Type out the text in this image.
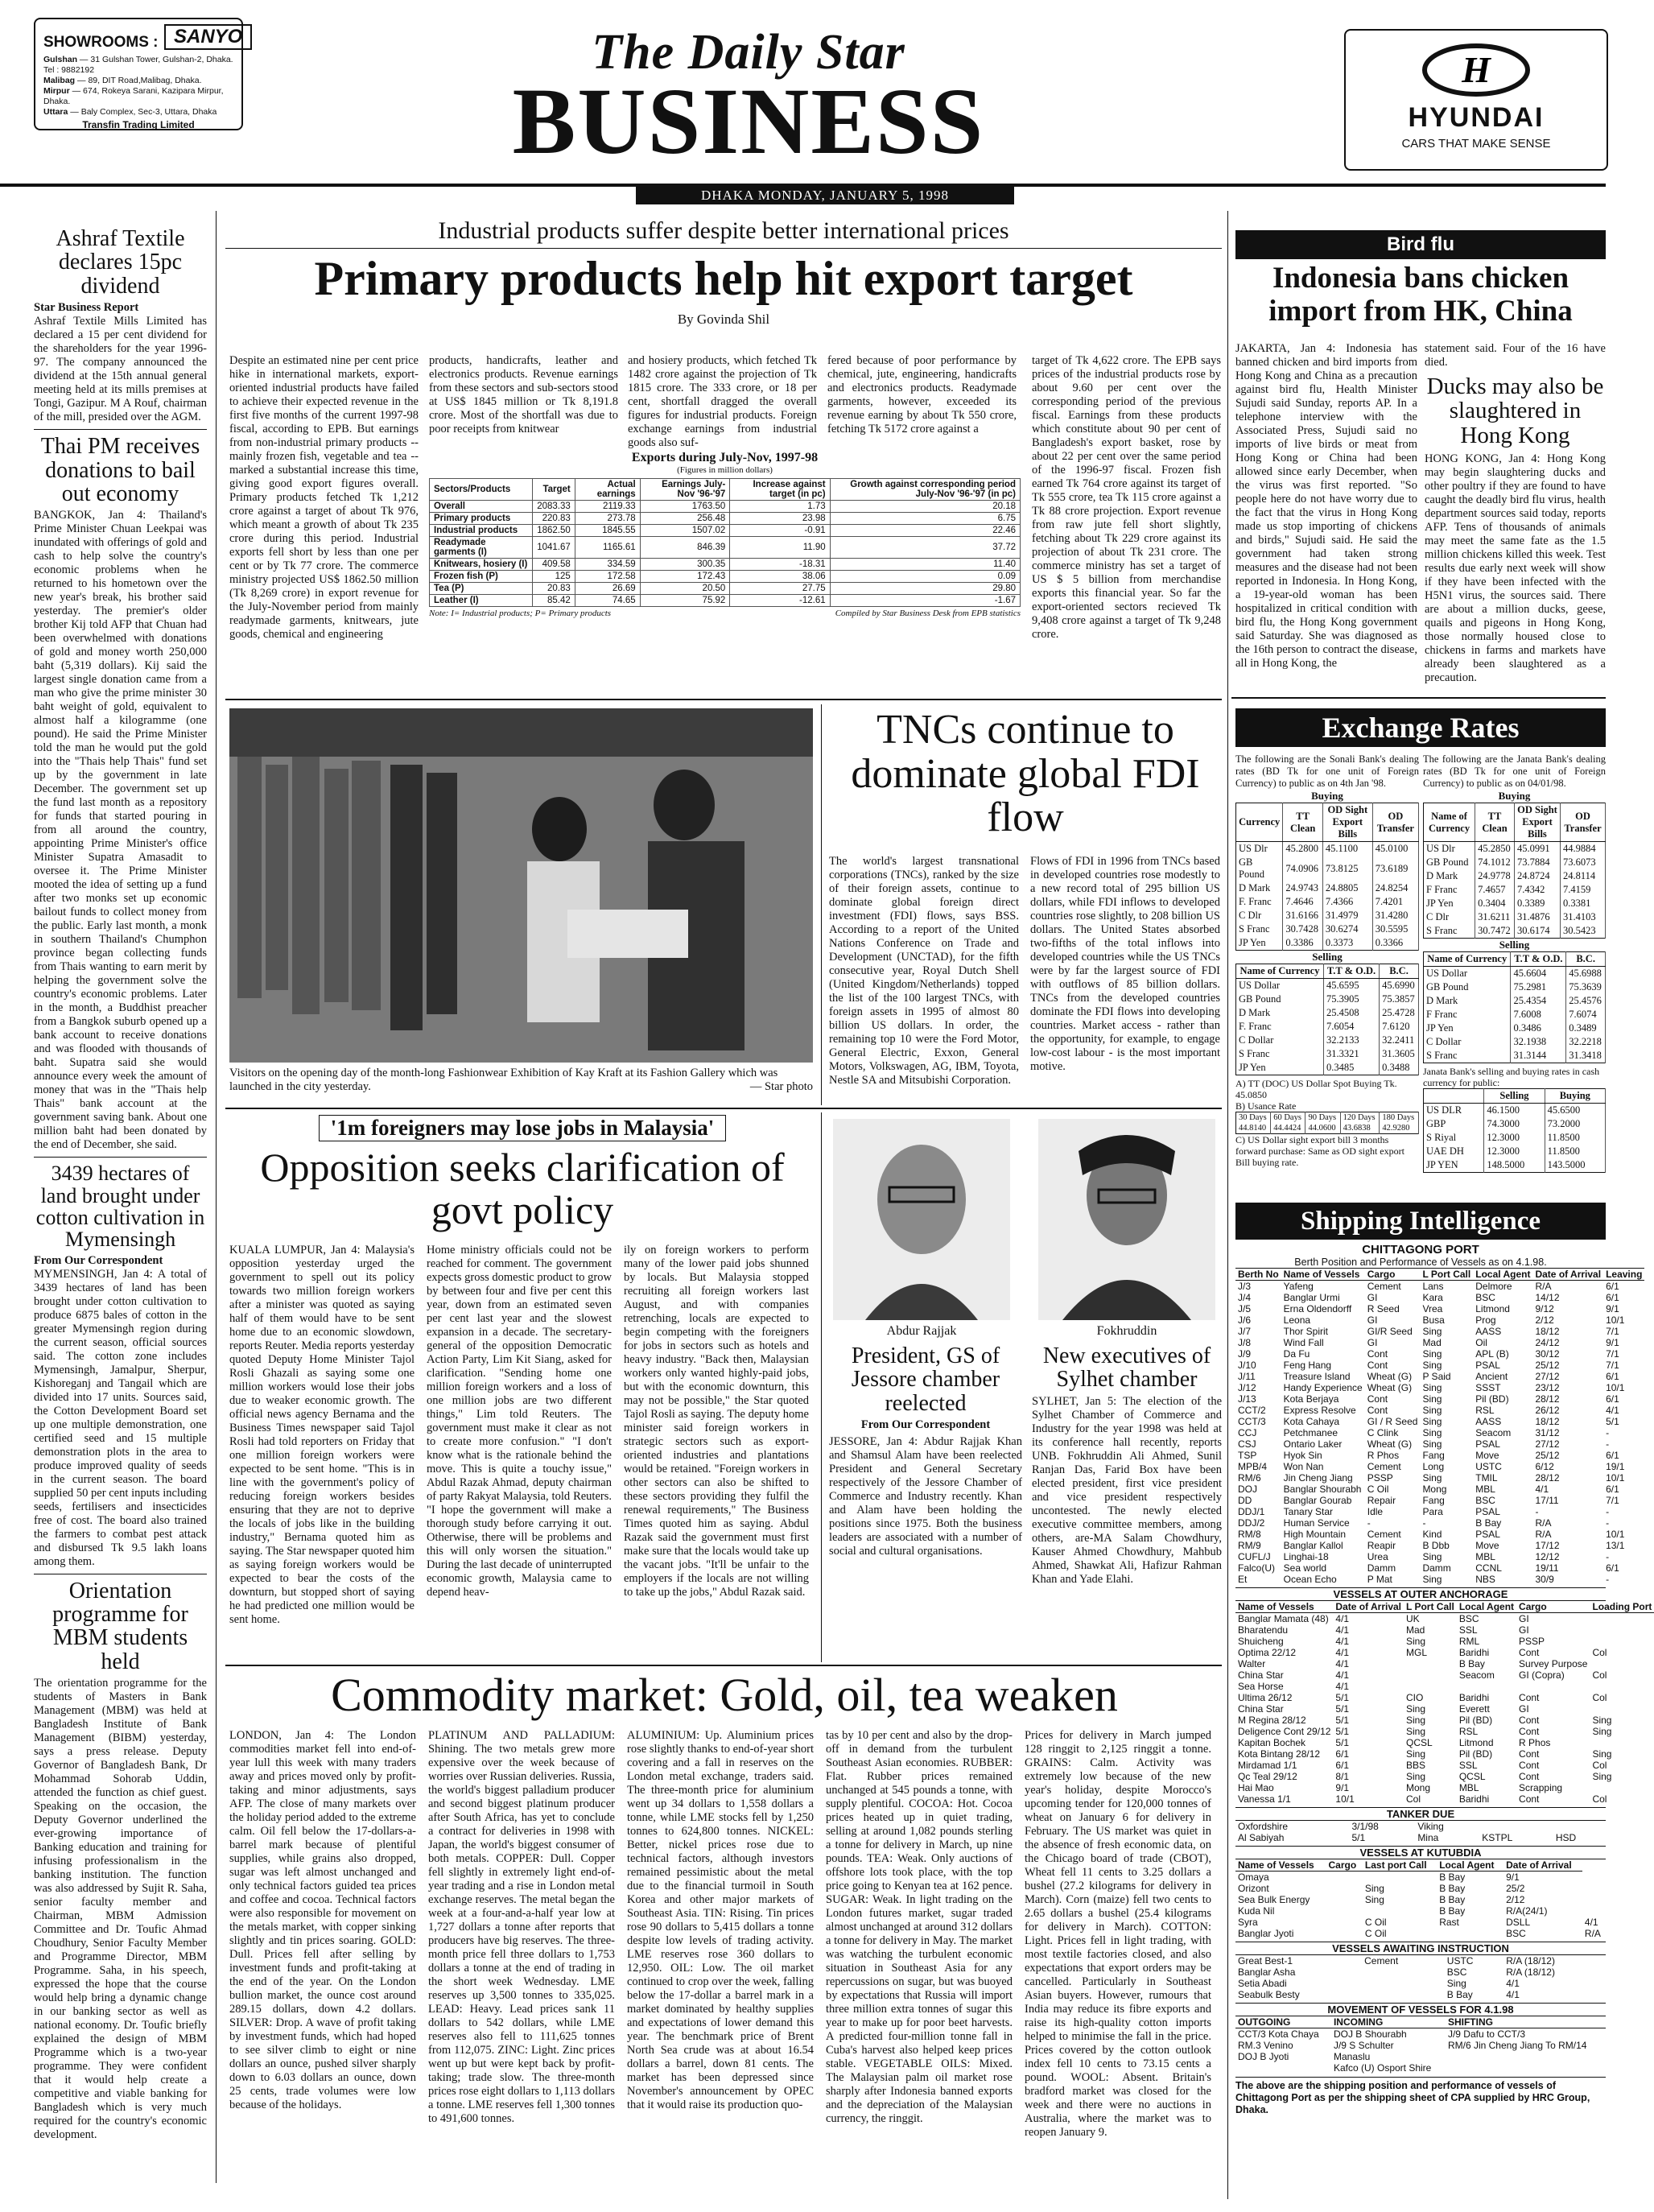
SANYO
SHOWROOMS :
Gulshan — 31 Gulshan Tower, Gulshan-2, Dhaka. Tel : 9882192
Malibag — 89, DIT Road,Malibag, Dhaka.
Mirpur — 674, Rokeya Sarani, Kazipara Mirpur, Dhaka.
Uttara — Baly Complex, Sec-3, Uttara, Dhaka
Transfin Trading Limited
The Daily Star
BUSINESS
DHAKA MONDAY, JANUARY 5, 1998
H
HYUNDAI
CARS THAT MAKE SENSE
Ashraf Textile declares 15pc dividend
Star Business Report
Ashraf Textile Mills Limited has declared a 15 per cent dividend for the shareholders for the year 1996-97. The company announced the dividend at the 15th annual general meeting held at its mills premises at Tongi, Gazipur. M A Rouf, chairman of the mill, presided over the AGM.
Thai PM receives donations to bail out economy
BANGKOK, Jan 4: Thailand's Prime Minister Chuan Leekpai was inundated with offerings of gold and cash to help solve the country's economic problems when he returned to his hometown over the new year's break, his brother said yesterday. The premier's older brother Kij told AFP that Chuan had been overwhelmed with donations of gold and money worth 250,000 baht (5,319 dollars). Kij said the largest single donation came from a man who give the prime minister 30 baht weight of gold, equivalent to almost half a kilogramme (one pound). He said the Prime Minister told the man he would put the gold into the "Thais help Thais" fund set up by the government in late December. The government set up the fund last month as a repository for funds that started pouring in from all around the country, appointing Prime Minister's office Minister Supatra Amasadit to oversee it. The Prime Minister mooted the idea of setting up a fund after two monks set up economic bailout funds to collect money from the public. Early last month, a monk in southern Thailand's Chumphon province began collecting funds from Thais wanting to earn merit by helping the government solve the country's economic problems. Later in the month, a Buddhist preacher from a Bangkok suburb opened up a bank account to receive donations and was flooded with thousands of baht. Supatra said she would announce every week the amount of money that was in the "Thais help Thais" bank account at the government saving bank. About one million baht had been donated by the end of December, she said.
3439 hectares of land brought under cotton cultivation in Mymensingh
From Our Correspondent
MYMENSINGH, Jan 4: A total of 3439 hectares of land has been brought under cotton cultivation to produce 6875 bales of cotton in the greater Mymensingh region during the current season, official sources said. The cotton zone includes Mymensingh, Jamalpur, Sherpur, Kishoreganj and Tangail which are divided into 17 units. Sources said, the Cotton Development Board set up one multiple demonstration, one certified seed and 15 multiple demonstration plots in the area to produce improved quality of seeds in the current season. The board supplied 50 per cent inputs including seeds, fertilisers and insecticides free of cost. The board also trained the farmers to combat pest attack and disbursed Tk 9.5 lakh loans among them.
Orientation programme for MBM students held
The orientation programme for the students of Masters in Bank Management (MBM) was held at Bangladesh Institute of Bank Management (BIBM) yesterday, says a press release. Deputy Governor of Bangladesh Bank, Dr Mohammad Sohorab Uddin, attended the function as chief guest. Speaking on the occasion, the Deputy Governor underlined the ever-growing importance of Banking education and training for infusing professionalism in the banking institution. The function was also addressed by Sujit R. Saha, senior faculty member and Chairman, MBM Admission Committee and Dr. Toufic Ahmad Choudhury, Senior Faculty Member and Programme Director, MBM Programme. Saha, in his speech, expressed the hope that the course would help bring a dynamic change in our banking sector as well as national economy. Dr. Toufic briefly explained the design of MBM Programme which is a two-year programme. They were confident that it would help create a competitive and viable banking for Bangladesh which is very much required for the country's economic development.
Industrial products suffer despite better international prices
Primary products help hit export target
By Govinda Shil
Despite an estimated nine per cent price hike in international markets, export-oriented industrial products have failed to achieve their expected revenue in the first five months of the current 1997-98 fiscal, according to EPB. But earnings from non-industrial primary products -- mainly frozen fish, vegetable and tea -- marked a substantial increase this time, giving good export figures overall. Primary products fetched Tk 1,212 crore against a target of about Tk 976, which meant a growth of about Tk 235 crore during this period. Industrial exports fell short by less than one per cent or by Tk 77 crore. The commerce ministry projected US$ 1862.50 million (Tk 8,269 crore) in export revenue for the July-November period from mainly readymade garments, knitwears, jute goods, chemical and engineering
products, handicrafts, leather and electronics products. Revenue earnings from these sectors and sub-sectors stood at US$ 1845 million or Tk 8,191.8 crore. Most of the shortfall was due to poor receipts from knitwear
and hosiery products, which fetched Tk 1482 crore against the projection of Tk 1815 crore. The 333 crore, or 18 per cent, shortfall dragged the overall figures for industrial products. Foreign exchange earnings from industrial goods also suf-
fered because of poor performance by chemical, jute, engineering, handicrafts and electronics products. Readymade garments, however, exceeded its revenue earning by about Tk 550 crore, fetching Tk 5172 crore against a
target of Tk 4,622 crore. The EPB says prices of the industrial products rose by about 9.60 per cent over the corresponding period of the previous fiscal. Earnings from these products which constitute about 90 per cent of Bangladesh's export basket, rose by about 22 per cent over the same period of the 1996-97 fiscal. Frozen fish earned Tk 764 crore against its target of Tk 555 crore, tea Tk 115 crore against a Tk 88 crore projection. Export revenue from raw jute fell short slightly, fetching about Tk 229 crore against its projection of about Tk 231 crore. The commerce ministry has set a target of US $ 5 billion from merchandise exports this financial year. So far the export-oriented sectors recieved Tk 9,408 crore against a target of Tk 9,248 crore.
Exports during July-Nov, 1997-98
(Figures in million dollars)
Sectors/Products	Target	Actual earnings	Earnings July-Nov '96-'97	Increase against target (in pc)	Growth against corresponding period July-Nov '96-'97 (in pc)
Overall	2083.33	2119.33	1763.50	1.73	20.18
Primary products	220.83	273.78	256.48	23.98	6.75
Industrial products	1862.50	1845.55	1507.02	-0.91	22.46
Readymade garments (I)	1041.67	1165.61	846.39	11.90	37.72
Knitwears, hosiery (I)	409.58	334.59	300.35	-18.31	11.40
Frozen fish (P)	125	172.58	172.43	38.06	0.09
Tea (P)	20.83	26.69	20.50	27.75	29.80
Leather (I)	85.42	74.65	75.92	-12.61	-1.67
Note: I= Industrial products; P= Primary products	Compiled by Star Business Desk from EPB statistics
Visitors on the opening day of the month-long Fashionwear Exhibition of Kay Kraft at its Fashion Gallery which was launched in the city yesterday.	— Star photo
TNCs continue to dominate global FDI flow
The world's largest transnational corporations (TNCs), ranked by the size of their foreign assets, continue to dominate global foreign direct investment (FDI) flows, says BSS. According to a report of the United Nations Conference on Trade and Development (UNCTAD), for the fifth consecutive year, Royal Dutch Shell (United Kingdom/Netherlands) topped the list of the 100 largest TNCs, with foreign assets in 1995 of almost 80 billion US dollars. In order, the remaining top 10 were the Ford Motor, General Electric, Exxon, General Motors, Volkswagen, AG, IBM, Toyota, Nestle SA and Mitsubishi Corporation.
Flows of FDI in 1996 from TNCs based in developed countries rose modestly to a new record total of 295 billion US dollars, while FDI inflows to developed countries rose slightly, to 208 billion US dollars. The United States absorbed two-fifths of the total inflows into developed countries while the US TNCs were by far the largest source of FDI with outflows of 85 billion dollars. TNCs from the developed countries dominate the FDI flows into developing countries. Market access - rather than the opportunity, for example, to engage low-cost labour - is the most important motive.
'1m foreigners may lose jobs in Malaysia'
Opposition seeks clarification of govt policy
KUALA LUMPUR, Jan 4: Malaysia's opposition yesterday urged the government to spell out its policy towards two million foreign workers after a minister was quoted as saying half of them would have to be sent home due to an economic slowdown, reports Reuter. Media reports yesterday quoted Deputy Home Minister Tajol Rosli Ghazali as saying some one million workers would lose their jobs due to weaker economic growth. The official news agency Bernama and the Business Times newspaper said Tajol Rosli had told reporters on Friday that one million foreign workers were expected to be sent home. "This is in line with the government's policy of reducing foreign workers besides ensuring that they are not to deprive the locals of jobs like in the building industry," Bernama quoted him as saying. The Star newspaper quoted him as saying foreign workers would be expected to bear the costs of the downturn, but stopped short of saying he had predicted one million would be sent home.
Home ministry officials could not be reached for comment. The government expects gross domestic product to grow by between four and five per cent this year, down from an estimated seven per cent last year and the slowest expansion in a decade. The secretary-general of the opposition Democratic Action Party, Lim Kit Siang, asked for clarification. "Sending home one million foreign workers and a loss of one million jobs are two different things," Lim told Reuters. The government must make it clear as not to create more confusion." "I don't know what is the rationale behind the move. This is quite a touchy issue," Abdul Razak Ahmad, deputy chairman of party Rakyat Malaysia, told Reuters. "I hope the government will make a thorough study before carrying it out. Otherwise, there will be problems and this will only worsen the situation." During the last decade of uninterrupted economic growth, Malaysia came to depend heav-
ily on foreign workers to perform many of the lower paid jobs shunned by locals. But Malaysia stopped recruiting all foreign workers last August, and with companies retrenching, locals are expected to begin competing with the foreigners for jobs in sectors such as hotels and heavy industry. "Back then, Malaysian workers only wanted highly-paid jobs, but with the economic downturn, this may not be possible," the Star quoted Tajol Rosli as saying. The deputy home minister said foreign workers in strategic sectors such as export-oriented industries and plantations would be retained. "Foreign workers in other sectors can also be shifted to these sectors providing they fulfil the renewal requirements," The Business Times quoted him as saying. Abdul Razak said the government must first make sure that the locals would take up the vacant jobs. "It'll be unfair to the employers if the locals are not willing to take up the jobs," Abdul Razak said.
Abdur Rajjak	Fokhruddin
President, GS of Jessore chamber reelected
From Our Correspondent
JESSORE, Jan 4: Abdur Rajjak Khan and Shamsul Alam have been reelected President and General Secretary respectively of the Jessore Chamber of Commerce and Industry recently. Khan and Alam have been holding the positions since 1975. Both the business leaders are associated with a number of social and cultural organisations.
New executives of Sylhet chamber
SYLHET, Jan 5: The election of the Sylhet Chamber of Commerce and Industry for the year 1998 was held at its conference hall recently, reports UNB. Fokhruddin Ali Ahmed, Sunil Ranjan Das, Farid Box have been elected president, first vice president and vice president respectively uncontested. The newly elected executive committee members, among others, are-MA Salam Chowdhury, Kauser Ahmed Chowdhury, Mahbub Ahmed, Shawkat Ali, Hafizur Rahman Khan and Yade Elahi.
Commodity market: Gold, oil, tea weaken
LONDON, Jan 4: The London commodities market fell into end-of-year lull this week with many traders away and prices moved only by profit-taking and minor adjustments, says AFP. The close of many markets over the holiday period added to the extreme calm. Oil fell below the 17-dollars-a-barrel mark because of plentiful supplies, while grains also dropped, sugar was left almost unchanged and only technical factors guided tea prices and coffee and cocoa. Technical factors were also responsible for movement on the metals market, with copper sinking slightly and tin prices soaring. GOLD: Dull. Prices fell after selling by investment funds and profit-taking at the end of the year. On the London bullion market, the ounce cost around 289.15 dollars, down 4.2 dollars. SILVER: Drop. A wave of profit taking by investment funds, which had hoped to see silver climb to eight or nine dollars an ounce, pushed silver sharply down to 6.03 dollars an ounce, down 25 cents, trade volumes were low because of the holidays.
PLATINUM AND PALLADIUM: Shining. The two metals grew more expensive over the week because of worries over Russian deliveries. Russia, the world's biggest palladium producer and second biggest platinum producer after South Africa, has yet to conclude a contract for deliveries in 1998 with Japan, the world's biggest consumer of both metals. COPPER: Dull. Copper fell slightly in extremely light end-of-year trading and a rise in London metal exchange reserves. The metal began the week at a four-and-a-half year low at 1,727 dollars a tonne after reports that producers have big reserves. The three-month price fell three dollars to 1,753 dollars a tonne at the end of trading in the short week Wednesday. LME reserves up 3,500 tonnes to 335,025. LEAD: Heavy. Lead prices sank 11 dollars to 542 dollars, while LME reserves also fell to 111,625 tonnes from 112,075. ZINC: Light. Zinc prices went up but were kept back by profit-taking; trade slow. The three-month prices rose eight dollars to 1,113 dollars a tonne. LME reserves fell 1,300 tonnes to 491,600 tonnes.
ALUMINIUM: Up. Aluminium prices rose slightly thanks to end-of-year short covering and a fall in reserves on the London metal exchange, traders said. The three-month price for aluminium went up 34 dollars to 1,558 dollars a tonne, while LME stocks fell by 1,250 tonnes to 624,800 tonnes. NICKEL: Better, nickel prices rose due to technical factors, although investors remained pessimistic about the metal due to the financial turmoil in South Korea and other major markets of Southeast Asia. TIN: Rising. Tin prices rose 90 dollars to 5,415 dollars a tonne despite low levels of trading activity. LME reserves rose 360 dollars to 12,950. OIL: Low. The oil market continued to crop over the week, falling below the 17-dollar a barrel mark in a market dominated by healthy supplies and expectations of lower demand this year. The benchmark price of Brent North Sea crude was at about 16.54 dollars a barrel, down 81 cents. The market has been depressed since November's announcement by OPEC that it would raise its production quo-
tas by 10 per cent and also by the drop-off in demand from the turbulent Southeast Asian economies. RUBBER: Flat. Rubber prices remained unchanged at 545 pounds a tonne, with supply plentiful. COCOA: Hot. Cocoa prices heated up in quiet trading, selling at around 1,082 pounds sterling a tonne for delivery in March, up nine pounds. TEA: Weak. Only auctions of offshore lots took place, with the top price going to Kenyan tea at 162 pence. SUGAR: Weak. In light trading on the London futures market, sugar traded almost unchanged at around 312 dollars a tonne for delivery in May. The market was watching the turbulent economic situation in Southeast Asia for any repercussions on sugar, but was buoyed by expectations that Russia will import three million extra tonnes of sugar this year to make up for poor beet harvests. A predicted four-million tonne fall in Cuba's harvest also helped keep prices stable. VEGETABLE OILS: Mixed. The Malaysian palm oil market rose sharply after Indonesia banned exports and the depreciation of the Malaysian currency, the ringgit.
Prices for delivery in March jumped 128 ringgit to 2,125 ringgit a tonne. GRAINS: Calm. Activity was extremely low because of the new year's holiday, despite Morocco's upcoming tender for 120,000 tonnes of wheat on January 6 for delivery in February. The US market was quiet in the absence of fresh economic data, on the Chicago board of trade (CBOT), Wheat fell 11 cents to 3.25 dollars a bushel (27.2 kilograms for delivery in March). Corn (maize) fell two cents to 2.65 dollars a bushel (25.4 kilograms for delivery in March). COTTON: Light. Prices fell in light trading, with most textile factories closed, and also expectations that export orders may be cancelled. Particularly in Southeast Asian buyers. However, rumours that India may reduce its fibre exports and raise its high-quality cotton imports helped to minimise the fall in the price. Prices covered by the cotton outlook index fell 10 cents to 73.15 cents a pound. WOOL: Absent. Britain's bradford market was closed for the week and there were no auctions in Australia, where the market was to reopen January 9.
Bird flu
Indonesia bans chicken import from HK, China
JAKARTA, Jan 4: Indonesia has banned chicken and bird imports from Hong Kong and China as a precaution against bird flu, Health Minister Sujudi said Sunday, reports AP. In a telephone interview with the Associated Press, Sujudi said no imports of live birds or meat from Hong Kong or China had been allowed since early December, when the virus was first reported. "So people here do not have worry due to the fact that the virus in Hong Kong made us stop importing of chickens and birds," Sujudi said. He said the government had taken strong measures and the disease had not been reported in Indonesia. In Hong Kong, a 19-year-old woman has been hospitalized in critical condition with bird flu, the Hong Kong government said Saturday. She was diagnosed as the 16th person to contract the disease, all in Hong Kong, the
statement said. Four of the 16 have died.
Ducks may also be slaughtered in Hong Kong
HONG KONG, Jan 4: Hong Kong may begin slaughtering ducks and other poultry if they are found to have caught the deadly bird flu virus, health department sources said today, reports AFP. Tens of thousands of animals may meet the same fate as the 1.5 million chickens killed this week. Test results due early next week will show if they have been infected with the H5N1 virus, the sources said. There are about a million ducks, geese, quails and pigeons in Hong Kong, those normally housed close to chickens in farms and markets have already been slaughtered as a precaution.
Exchange Rates
The following are the Sonali Bank's dealing rates (BD Tk for one unit of Foreign Currency) to public as on 4th Jan '98.
Buying
Currency	TT Clean	OD Sight Export Bills	OD Transfer
US Dlr	45.2800	45.1100	45.0100
GB Pound	74.0906	73.8125	73.6189
D Mark	24.9743	24.8805	24.8254
F. Franc	7.4646	7.4366	7.4201
C Dlr	31.6166	31.4979	31.4280
S Franc	30.7428	30.6274	30.5595
JP Yen	0.3386	0.3373	0.3366
Selling
Name of Currency	T.T & O.D.	B.C.
US Dollar	45.6595	45.6990
GB Pound	75.3905	75.3857
D Mark	25.4508	25.4728
F. Franc	7.6054	7.6120
C Dollar	32.2133	32.2411
S Franc	31.3321	31.3605
JP Yen	0.3485	0.3488
A) TT (DOC) US Dollar Spot Buying Tk. 45.0850
B) Usance Rate
30 Days	60 Days	90 Days	120 Days	180 Days
44.8140	44.4424	44.0600	43.6838	42.9280
C) US Dollar sight export bill 3 months forward purchase: Same as OD sight export Bill buying rate.
The following are the Janata Bank's dealing rates (BD Tk for one unit of Foreign Currency) to public as on 04/01/98.
Buying
Name of Currency	TT Clean	OD Sight Export Bills	OD Transfer
US Dlr	45.2850	45.0991	44.9884
GB Pound	74.1012	73.7884	73.6073
D Mark	24.9778	24.8724	24.8114
F Franc	7.4657	7.4342	7.4159
JP Yen	0.3404	0.3389	0.3381
C Dlr	31.6211	31.4876	31.4103
S Franc	30.7472	30.6174	30.5423
Selling
Name of Currency	T.T & O.D.	B.C.
US Dollar	45.6604	45.6988
GB Pound	75.2981	75.3639
D Mark	25.4354	25.4576
F Franc	7.6008	7.6074
JP Yen	0.3486	0.3489
C Dollar	32.1938	32.2218
S Franc	31.3144	31.3418
Janata Bank's selling and buying rates in cash currency for public:
	Selling	Buying
US DLR	46.1500	45.6500
GBP	74.3000	73.2000
S Riyal	12.3000	11.8500
UAE DH	12.3000	11.8500
JP YEN	148.5000	143.5000
Shipping Intelligence
CHITTAGONG PORT
Berth Position and Performance of Vessels as on 4.1.98.
Berth No	Name of Vessels	Cargo	L Port Call	Local Agent	Date of Arrival	Leaving
J/3	Yafeng	Cement	Lans	Delmore	R/A	6/1
J/4	Banglar Urmi	GI	Kara	BSC	14/12	6/1
J/5	Erna Oldendorff	R Seed	Vrea	Litmond	9/12	9/1
J/6	Leona	GI	Busa	Prog	2/12	10/1
J/7	Thor Spirit	GI/R Seed	Sing	AASS	18/12	7/1
J/8	Wind Fall	GI	Mad	Oil	24/12	9/1
J/9	Da Fu	Cont	Sing	APL (B)	30/12	7/1
J/10	Feng Hang	Cont	Sing	PSAL	25/12	7/1
J/11	Treasure Island	Wheat (G)	P Said	Ancient	27/12	6/1
J/12	Handy Experience	Wheat (G)	Sing	SSST	23/12	10/1
J/13	Kota Berjaya	Cont	Sing	Pil (BD)	28/12	6/1
CCT/2	Express Resolve	Cont	Sing	RSL	26/12	4/1
CCT/3	Kota Cahaya	GI / R Seed	Sing	AASS	18/12	5/1
CCJ	Petchmanee	C Clink	Sing	Seacom	31/12	-
CSJ	Ontario Laker	Wheat (G)	Sing	PSAL	27/12	-
TSP	Hyok Sin	R Phos	Fang	Move	25/12	6/1
MPB/4	Won Nan	Cement	Long	USTC	6/12	19/1
RM/6	Jin Cheng Jiang	PSSP	Sing	TMIL	28/12	10/1
DOJ	Banglar Shourabh	C Oil	Mong	MBL	4/1	6/1
DD	Banglar Gourab	Repair	Fang	BSC	17/11	7/1
DDJ/1	Tanary Star	Idle	Para	PSAL	-	-
DDJ/2	Human Service	-	-	B Bay	R/A	-
RM/8	High Mountain	Cement	Kind	PSAL	R/A	10/1
RM/9	Banglar Kallol	Reapir	B Dbb	Move	17/12	13/1
CUFL/J	Linghai-18	Urea	Sing	MBL	12/12	-
Falco(U)	Sea world	Damm	Damm	CCNL	19/11	6/1
Et	Ocean Echo	P Mat	Sing	NBS	30/9	-
VESSELS AT OUTER ANCHORAGE
Name of Vessels	Date of Arrival	L Port Call	Local Agent	Cargo	Loading Port
Banglar Mamata (48)	4/1	UK	BSC	GI	
Bharatendu	4/1	Mad	SSL	GI	
Shuicheng	4/1	Sing	RML	PSSP	
Optima 22/12	4/1	MGL	Baridhi	Cont	Col
Walter	4/1		B Bay	Survey Purpose	
China Star	4/1		Seacom	GI (Copra)	Col
Sea Horse	4/1				
Ultima 26/12	5/1	CIO	Baridhi	Cont	Col
China Star	5/1	Sing	Everett	GI	
M Regina 28/12	5/1	Sing	Pil (BD)	Cont	Sing
Deligence Cont 29/12	5/1	Sing	RSL	Cont	Sing
Kapitan Bochek	5/1	QCSL	Litmond	R Phos	
Kota Bintang 28/12	6/1	Sing	Pil (BD)	Cont	Sing
Mirdamad 1/1	6/1	BBS	SSL	Cont	Col
Qc Teal 29/12	8/1	Sing	QCSL	Cont	Sing
Hai Mao	9/1	Mong	MBL	Scrapping	
Vanessa 1/1	10/1	Col	Baridhi	Cont	Col
TANKER DUE
Oxfordshire	3/1/98	Viking		
Al Sabiyah	5/1	Mina	KSTPL	HSD
VESSELS AT KUTUBDIA
Name of Vessels	Cargo	Last port Call	Local Agent	Date of Arrival	
Omaya			B Bay	9/1	
Orizont		Sing	B Bay	25/2	
Sea Bulk Energy		Sing	B Bay	2/12	
Kuda Nil			B Bay	R/A(24/1)	
Syra		C Oil	Rast	DSLL	4/1
Banglar Jyoti		C Oil		BSC	R/A
VESSELS AWAITING INSTRUCTION
Great Best-1	Cement		USTC	R/A (18/12)
Banglar Asha			BSC	R/A (18/12)
Setia Abadi			Sing	4/1
Seabulk Besty			B Bay	4/1
MOVEMENT OF VESSELS FOR 4.1.98
OUTGOING	INCOMING	SHIFTING
CCT/3 Kota Chaya	DOJ B Shourabh	J/9 Dafu to CCT/3
RM.3 Venino	J/9 S Schulter	RM/6 Jin Cheng Jiang To RM/14
DOJ B Jyoti	Manaslu	
	Kafco (U) Osport Shire	
The above are the shipping position and performance of vessels of Chittagong Port as per the shipping sheet of CPA supplied by HRC Group, Dhaka.
